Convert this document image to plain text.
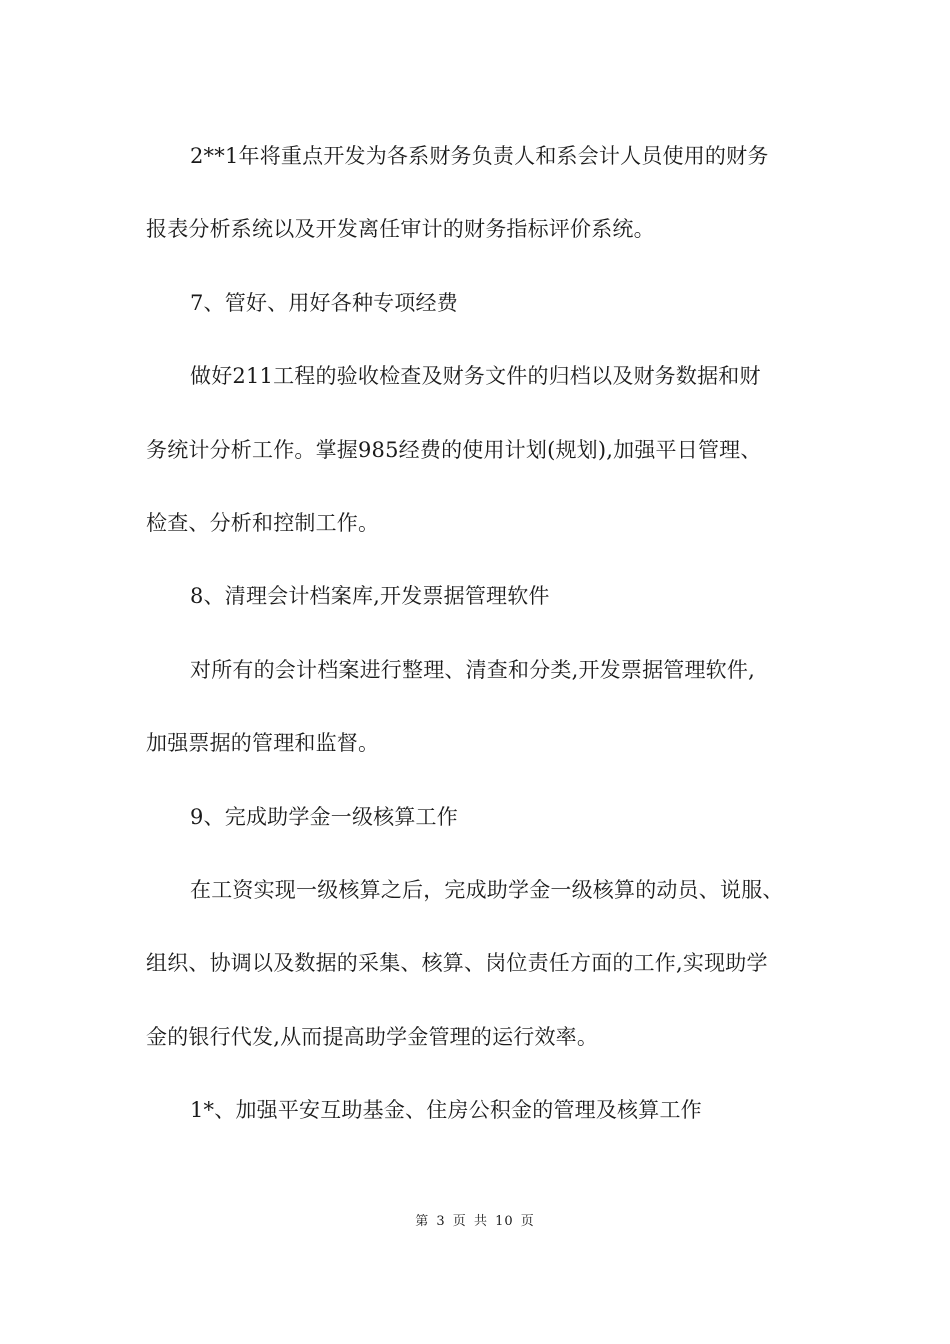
2**1年将重点开发为各系财务负责人和系会计人员使用的财务
报表分析系统以及开发离任审计的财务指标评价系统。
7、管好、用好各种专项经费
做好211工程的验收检查及财务文件的归档以及财务数据和财
务统计分析工作。掌握985经费的使用计划(规划),加强平日管理、
检查、分析和控制工作。
8、清理会计档案库,开发票据管理软件
对所有的会计档案进行整理、清查和分类,开发票据管理软件,
加强票据的管理和监督。
9、完成助学金一级核算工作
在工资实现一级核算之后，完成助学金一级核算的动员、说服、
组织、协调以及数据的采集、核算、岗位责任方面的工作,实现助学
金的银行代发,从而提高助学金管理的运行效率。
1*、加强平安互助基金、住房公积金的管理及核算工作
第 3 页 共 10 页
